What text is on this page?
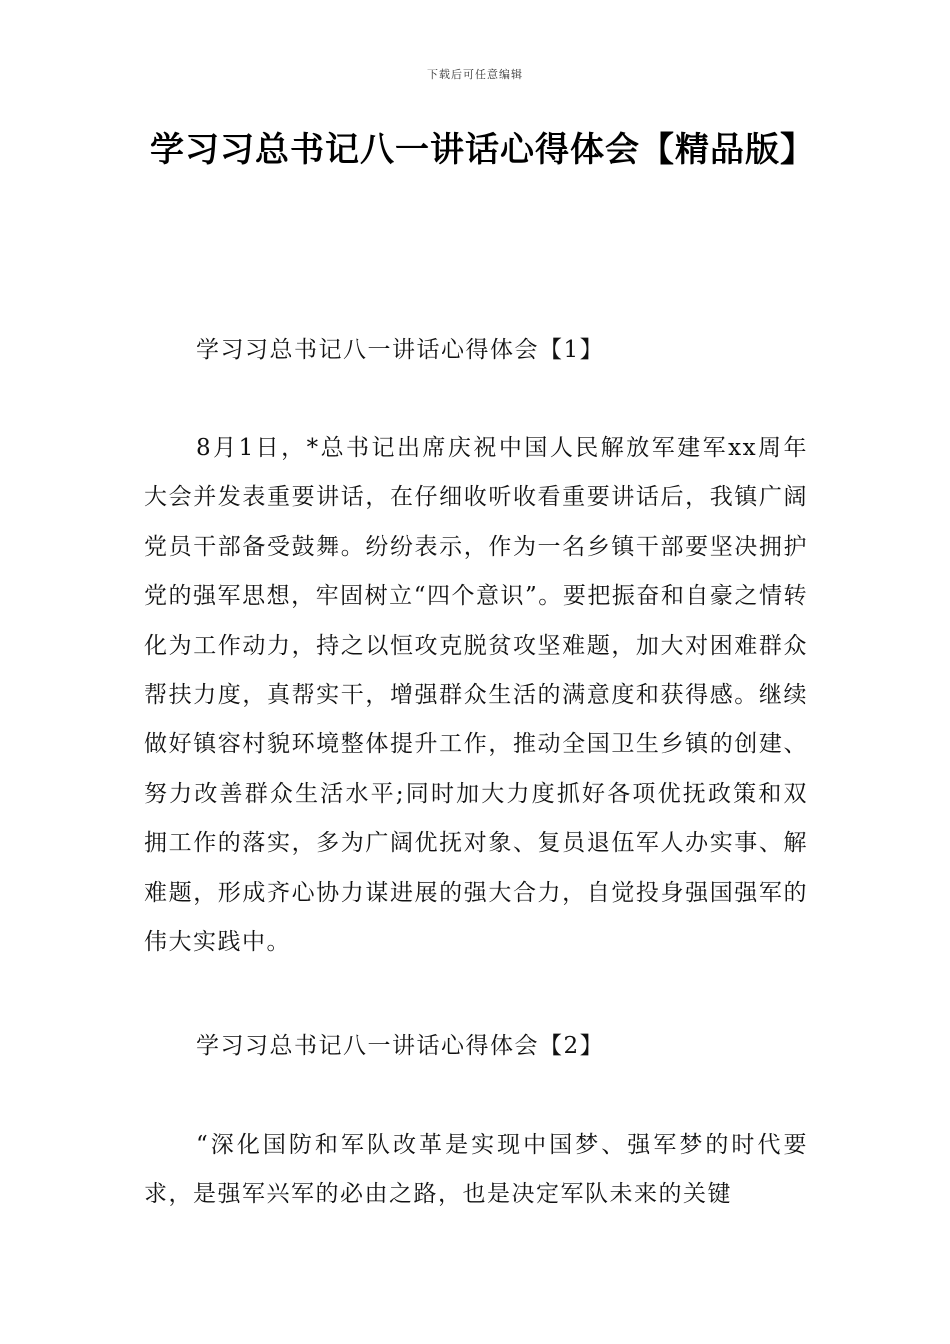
下载后可任意编辑
学习习总书记八一讲话心得体会【精品版】

学习习总书记八一讲话心得体会【1】

8月1日，*总书记出席庆祝中国人民解放军建军xx周年大会并发表重要讲话，在仔细收听收看重要讲话后，我镇广阔党员干部备受鼓舞。纷纷表示，作为一名乡镇干部要坚决拥护党的强军思想，牢固树立“四个意识”。要把振奋和自豪之情转化为工作动力，持之以恒攻克脱贫攻坚难题，加大对困难群众帮扶力度，真帮实干，增强群众生活的满意度和获得感。继续做好镇容村貌环境整体提升工作，推动全国卫生乡镇的创建、努力改善群众生活水平;同时加大力度抓好各项优抚政策和双拥工作的落实，多为广阔优抚对象、复员退伍军人办实事、解难题，形成齐心协力谋进展的强大合力，自觉投身强国强军的伟大实践中。

学习习总书记八一讲话心得体会【2】

“深化国防和军队改革是实现中国梦、强军梦的时代要求，是强军兴军的必由之路，也是决定军队未来的关键
